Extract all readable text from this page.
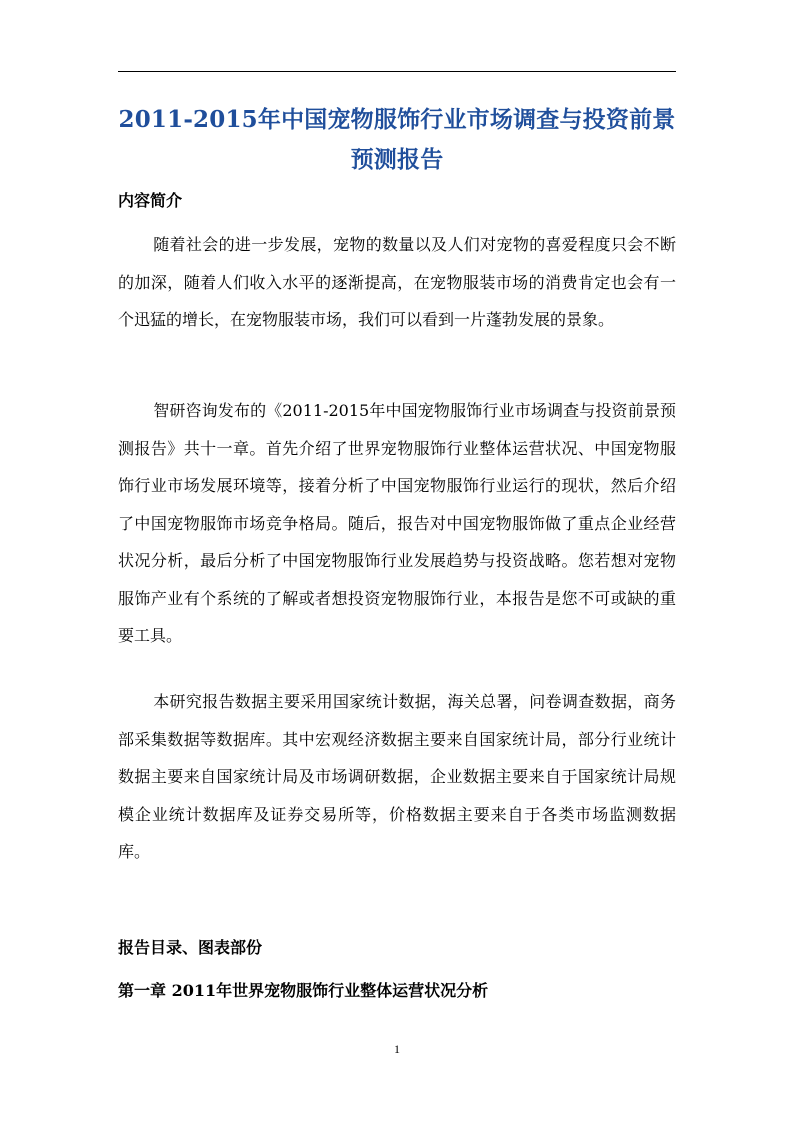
2011-2015年中国宠物服饰行业市场调查与投资前景预测报告
内容简介

随着社会的进一步发展，宠物的数量以及人们对宠物的喜爱程度只会不断的加深，随着人们收入水平的逐渐提高，在宠物服装市场的消费肯定也会有一个迅猛的增长，在宠物服装市场，我们可以看到一片蓬勃发展的景象。

智研咨询发布的《2011-2015年中国宠物服饰行业市场调查与投资前景预测报告》共十一章。首先介绍了世界宠物服饰行业整体运营状况、中国宠物服饰行业市场发展环境等，接着分析了中国宠物服饰行业运行的现状，然后介绍了中国宠物服饰市场竞争格局。随后，报告对中国宠物服饰做了重点企业经营状况分析，最后分析了中国宠物服饰行业发展趋势与投资战略。您若想对宠物服饰产业有个系统的了解或者想投资宠物服饰行业，本报告是您不可或缺的重要工具。

本研究报告数据主要采用国家统计数据，海关总署，问卷调查数据，商务部采集数据等数据库。其中宏观经济数据主要来自国家统计局，部分行业统计数据主要来自国家统计局及市场调研数据，企业数据主要来自于国家统计局规模企业统计数据库及证券交易所等，价格数据主要来自于各类市场监测数据库。

报告目录、图表部份
第一章 2011年世界宠物服饰行业整体运营状况分析
1
